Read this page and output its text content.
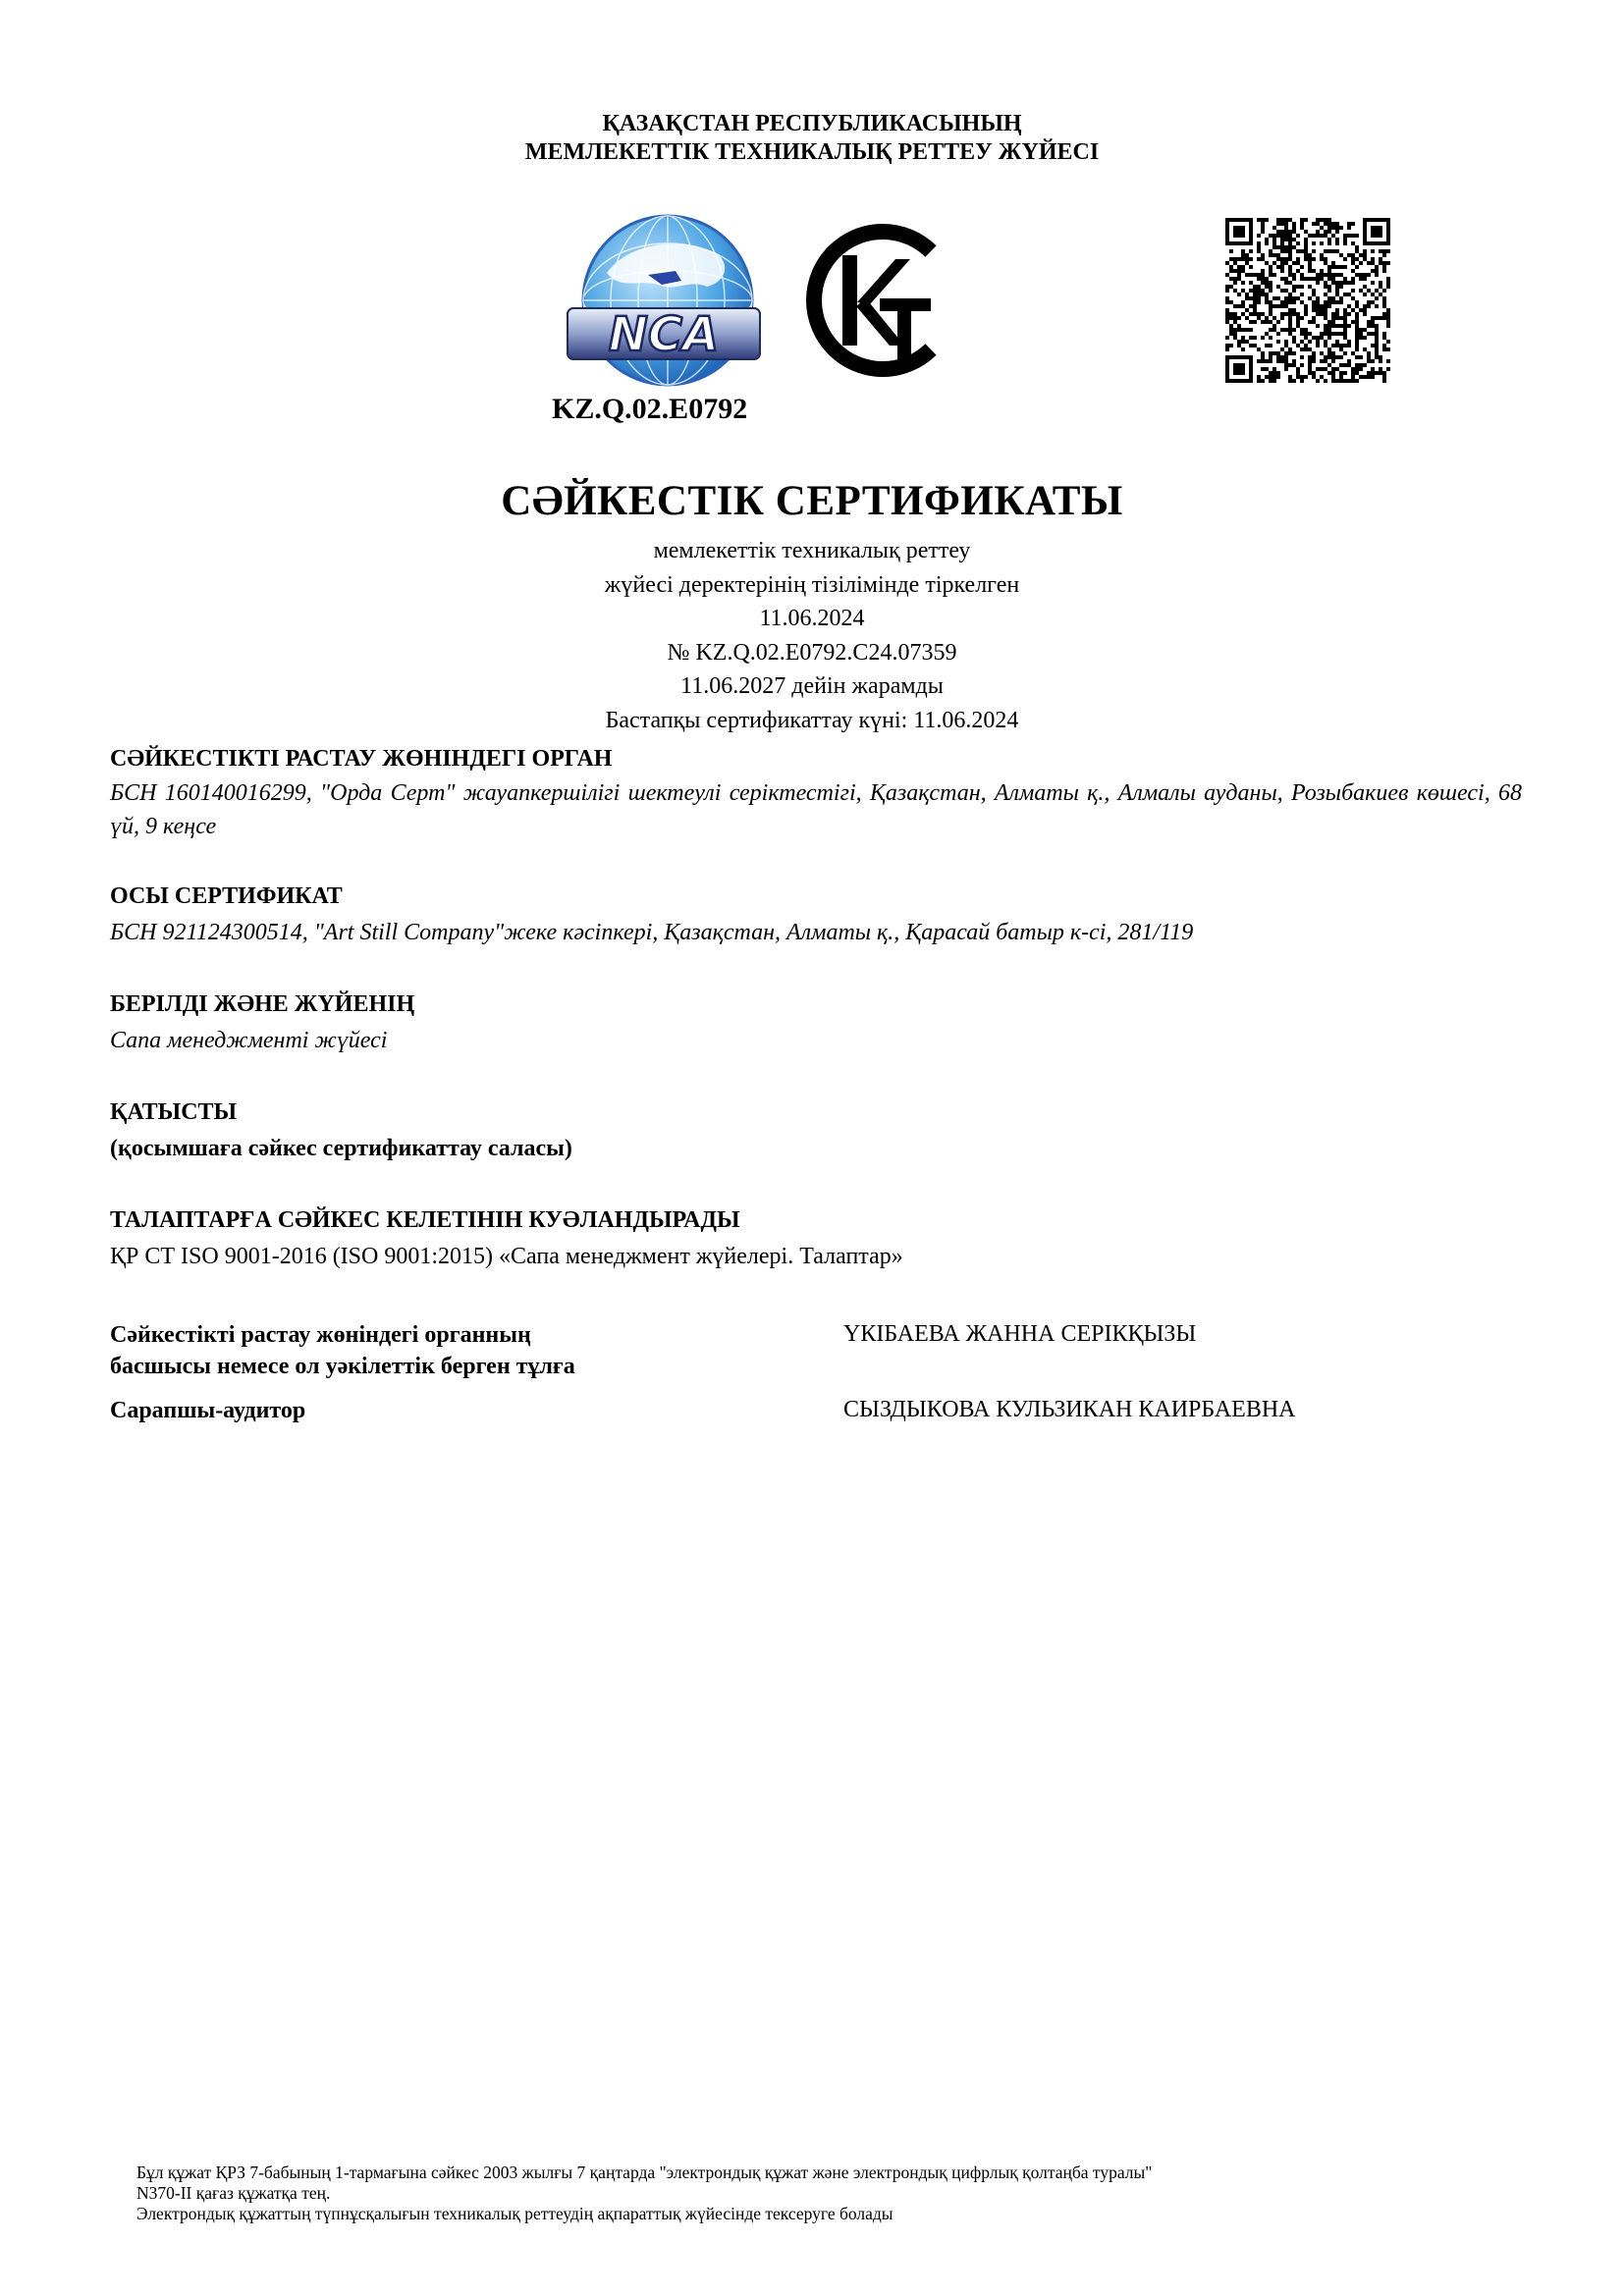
ҚАЗАҚСТАН РЕСПУБЛИКАСЫНЫҢ
МЕМЛЕКЕТТІК ТЕХНИКАЛЫҚ РЕТТЕУ ЖҮЙЕСІ
NCA
KT
KZ.Q.02.E0792
СӘЙКЕСТІК СЕРТИФИКАТЫ
мемлекеттік техникалық реттеу
жүйесі деректерінің тізілімінде тіркелген
11.06.2024
№ KZ.Q.02.E0792.C24.07359
11.06.2027 дейін жарамды
Бастапқы сертификаттау күні: 11.06.2024
СӘЙКЕСТІКТІ РАСТАУ ЖӨНІНДЕГІ ОРГАН
БСН 160140016299, "Орда Серт" жауапкершілігі шектеулі серіктестігі, Қазақстан, Алматы қ., Алмалы ауданы, Розыбакиев көшесі, 68 үй, 9 кеңсе
ОСЫ СЕРТИФИКАТ
БСН 921124300514, "Art Still Company"жеке кәсіпкері, Қазақстан, Алматы қ., Қарасай батыр к-сі, 281/119
БЕРІЛДІ ЖӘНЕ ЖҮЙЕНІҢ
Сапа менеджменті жүйесі
ҚАТЫСТЫ
(қосымшаға сәйкес сертификаттау саласы)
ТАЛАПТАРҒА СӘЙКЕС КЕЛЕТІНІН КУӘЛАНДЫРАДЫ
ҚР СТ ISO 9001-2016 (ISO 9001:2015) «Сапа менеджмент жүйелері. Талаптар»
Сәйкестікті растау жөніндегі органның
басшысы немесе ол уәкілеттік берген тұлға
ҮКІБАЕВА ЖАННА СЕРІКҚЫЗЫ
Сарапшы-аудитор	СЫЗДЫКОВА КУЛЬЗИКАН КАИРБАЕВНА
Бұл құжат ҚРЗ 7-бабының 1-тармағына сәйкес 2003 жылғы 7 қаңтарда "электрондық құжат және электрондық цифрлық қолтаңба туралы"
N370-II қағаз құжатқа тең.
Электрондық құжаттың түпнұсқалығын техникалық реттеудің ақпараттық жүйесінде тексеруге болады
